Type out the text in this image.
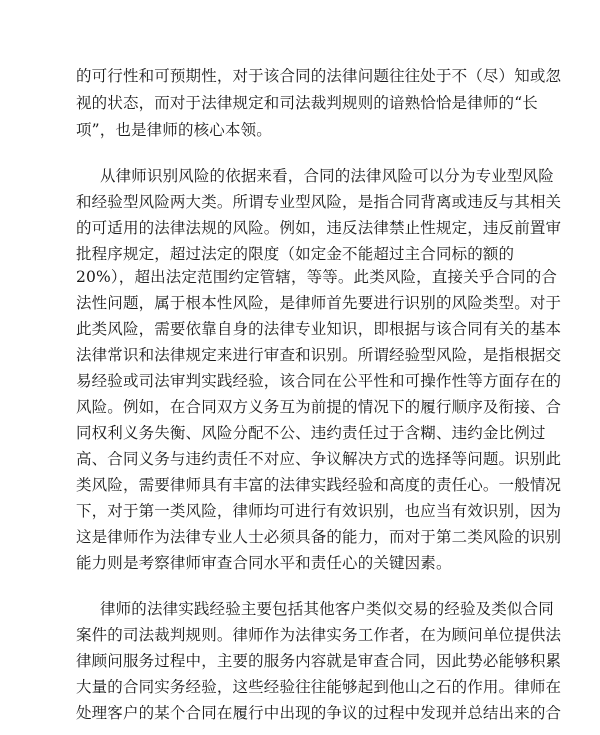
的可行性和可预期性，对于该合同的法律问题往往处于不（尽）知或忽
视的状态，而对于法律规定和司法裁判规则的谙熟恰恰是律师的“长
项”，也是律师的核心本领。
从律师识别风险的依据来看，合同的法律风险可以分为专业型风险
和经验型风险两大类。所谓专业型风险，是指合同背离或违反与其相关
的可适用的法律法规的风险。例如，违反法律禁止性规定，违反前置审
批程序规定，超过法定的限度（如定金不能超过主合同标的额的
20%），超出法定范围约定管辖，等等。此类风险，直接关乎合同的合
法性问题，属于根本性风险，是律师首先要进行识别的风险类型。对于
此类风险，需要依靠自身的法律专业知识，即根据与该合同有关的基本
法律常识和法律规定来进行审查和识别。所谓经验型风险，是指根据交
易经验或司法审判实践经验，该合同在公平性和可操作性等方面存在的
风险。例如，在合同双方义务互为前提的情况下的履行顺序及衔接、合
同权利义务失衡、风险分配不公、违约责任过于含糊、违约金比例过
高、合同义务与违约责任不对应、争议解决方式的选择等问题。识别此
类风险，需要律师具有丰富的法律实践经验和高度的责任心。一般情况
下，对于第一类风险，律师均可进行有效识别，也应当有效识别，因为
这是律师作为法律专业人士必须具备的能力，而对于第二类风险的识别
能力则是考察律师审查合同水平和责任心的关键因素。
律师的法律实践经验主要包括其他客户类似交易的经验及类似合同
案件的司法裁判规则。律师作为法律实务工作者，在为顾问单位提供法
律顾问服务过程中，主要的服务内容就是审查合同，因此势必能够积累
大量的合同实务经验，这些经验往往能够起到他山之石的作用。律师在
处理客户的某个合同在履行中出现的争议的过程中发现并总结出来的合
